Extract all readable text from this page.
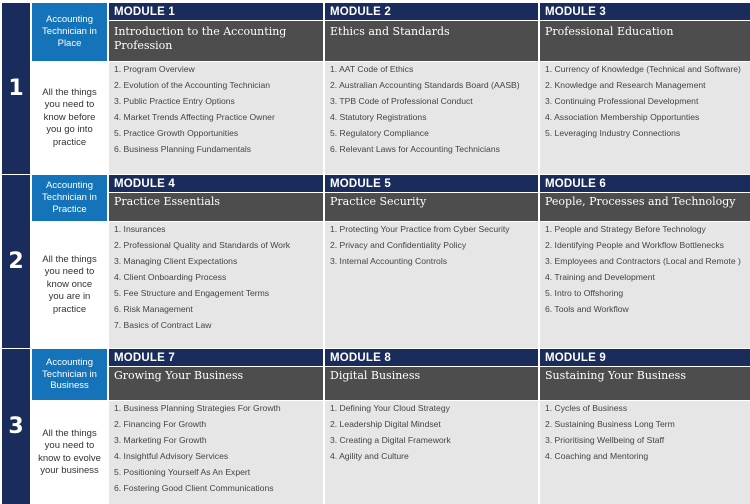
1
Accounting Technician in Place
All the things you need to know before you go into practice
MODULE 1
Introduction to the Accounting Profession
1. Program Overview
2. Evolution of the Accounting Technician
3. Public Practice Entry Options
4. Market Trends Affecting Practice Owner
5. Practice Growth Opportunities
6. Business Planning Fundamentals
MODULE 2
Ethics and Standards
1. AAT Code of Ethics
2. Australian Accounting Standards Board (AASB)
3. TPB Code of Professional Conduct
4. Statutory Registrations
5. Regulatory Compliance
6. Relevant Laws for Accounting Technicians
MODULE 3
Professional Education
1. Currency of Knowledge (Technical and Software)
2. Knowledge and Research Management
3. Continuing Professional Development
4. Association Membership Opportunties
5. Leveraging Industry Connections
2
Accounting Technician in Practice
All the things you need to know once you are in practice
MODULE 4
Practice Essentials
1. Insurances
2. Professional Quality and Standards of Work
3. Managing Client Expectations
4. Client Onboarding Process
5. Fee Structure and Engagement Terms
6. Risk Management
7. Basics of Contract Law
MODULE 5
Practice Security
1. Protecting Your Practice from Cyber Security
2. Privacy and Confidentiality Policy
3. Internal Accounting Controls
MODULE 6
People, Processes and Technology
1. People and Strategy Before Technology
2. Identifying People and Workflow Bottlenecks
3. Employees and Contractors (Local and Remote )
4. Training and Development
5. Intro to Offshoring
6. Tools and Workflow
3
Accounting Technician in Business
All the things you need to know to evolve your business
MODULE 7
Growing Your Business
1. Business Planning Strategies For Growth
2. Financing For Growth
3. Marketing For Growth
4. Insightful Advisory Services
5. Positioning Yourself As An Expert
6. Fostering Good Client Communications
MODULE 8
Digital Business
1. Defining Your Cloud Strategy
2. Leadership Digital Mindset
3. Creating a Digital Framework
4. Agility and Culture
MODULE 9
Sustaining Your Business
1. Cycles of Business
2. Sustaining Business Long Term
3. Prioritising Wellbeing of Staff
4. Coaching and Mentoring
